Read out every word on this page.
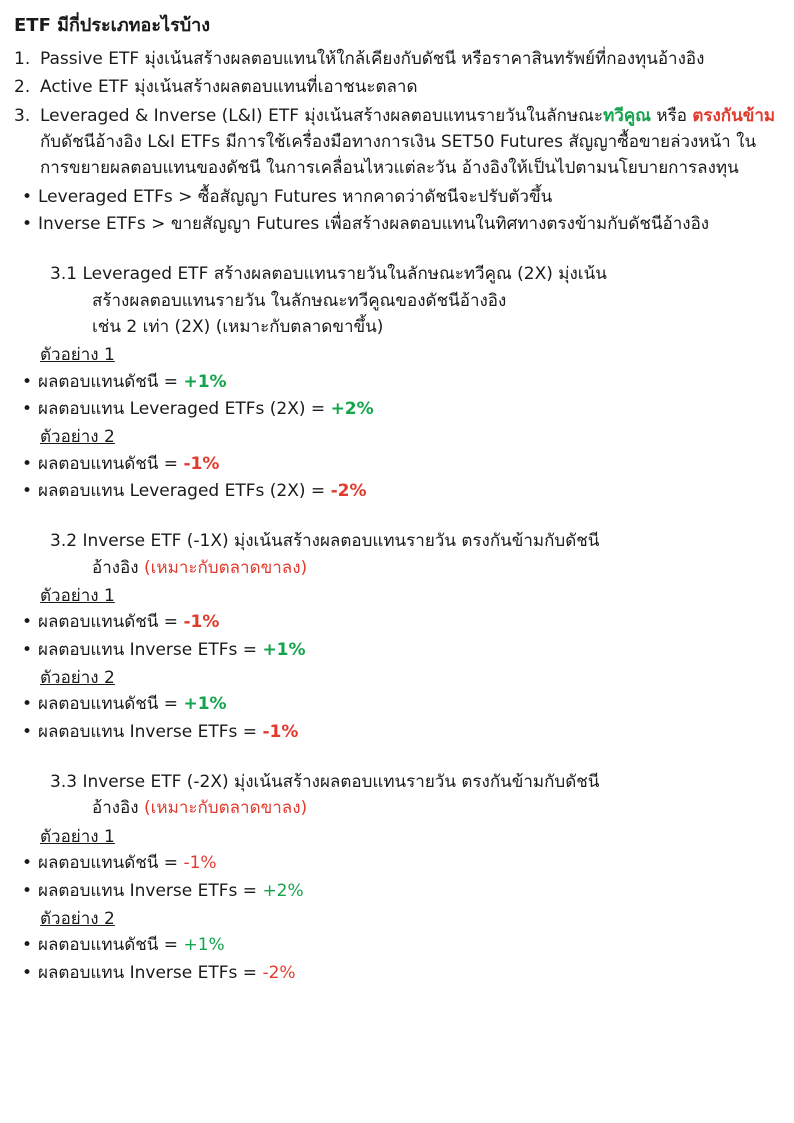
ETF มีกี่ประเภทอะไรบ้าง
1. Passive ETF มุ่งเน้นสร้างผลตอบแทนให้ใกล้เคียงกับดัชนี หรือราคาสินทรัพย์ที่กองทุนอ้างอิง
2. Active ETF มุ่งเน้นสร้างผลตอบแทนที่เอาชนะตลาด
3. Leveraged & Inverse (L&I) ETF มุ่งเน้นสร้างผลตอบแทนรายวันในลักษณะทวีคูณ หรือ ตรงกันข้าม กับดัชนีอ้างอิง L&I ETFs มีการใช้เครื่องมือทางการเงิน SET50 Futures สัญญาซื้อขายล่วงหน้า ในการขยายผลตอบแทนของดัชนี ในการเคลื่อนไหวแต่ละวัน อ้างอิงให้เป็นไปตามนโยบายการลงทุน
• Leveraged ETFs > ซื้อสัญญา Futures หากคาดว่าดัชนีจะปรับตัวขึ้น
• Inverse ETFs > ขายสัญญา Futures เพื่อสร้างผลตอบแทนในทิศทางตรงข้ามกับดัชนีอ้างอิง
3.1 Leveraged ETF สร้างผลตอบแทนรายวันในลักษณะทวีคูณ (2X) มุ่งเน้น
สร้างผลตอบแทนรายวัน ในลักษณะทวีคูณของดัชนีอ้างอิง
เช่น 2 เท่า (2X) (เหมาะกับตลาดขาขึ้น)
ตัวอย่าง 1
• ผลตอบแทนดัชนี = +1%
• ผลตอบแทน Leveraged ETFs (2X) = +2%
ตัวอย่าง 2
• ผลตอบแทนดัชนี = -1%
• ผลตอบแทน Leveraged ETFs (2X) = -2%
3.2 Inverse ETF (-1X) มุ่งเน้นสร้างผลตอบแทนรายวัน ตรงกันข้ามกับดัชนี
อ้างอิง (เหมาะกับตลาดขาลง)
ตัวอย่าง 1
• ผลตอบแทนดัชนี = -1%
• ผลตอบแทน Inverse ETFs = +1%
ตัวอย่าง 2
• ผลตอบแทนดัชนี = +1%
• ผลตอบแทน Inverse ETFs = -1%
3.3 Inverse ETF (-2X) มุ่งเน้นสร้างผลตอบแทนรายวัน ตรงกันข้ามกับดัชนี
อ้างอิง (เหมาะกับตลาดขาลง)
ตัวอย่าง 1
• ผลตอบแทนดัชนี = -1%
• ผลตอบแทน Inverse ETFs = +2%
ตัวอย่าง 2
• ผลตอบแทนดัชนี = +1%
• ผลตอบแทน Inverse ETFs = -2%
